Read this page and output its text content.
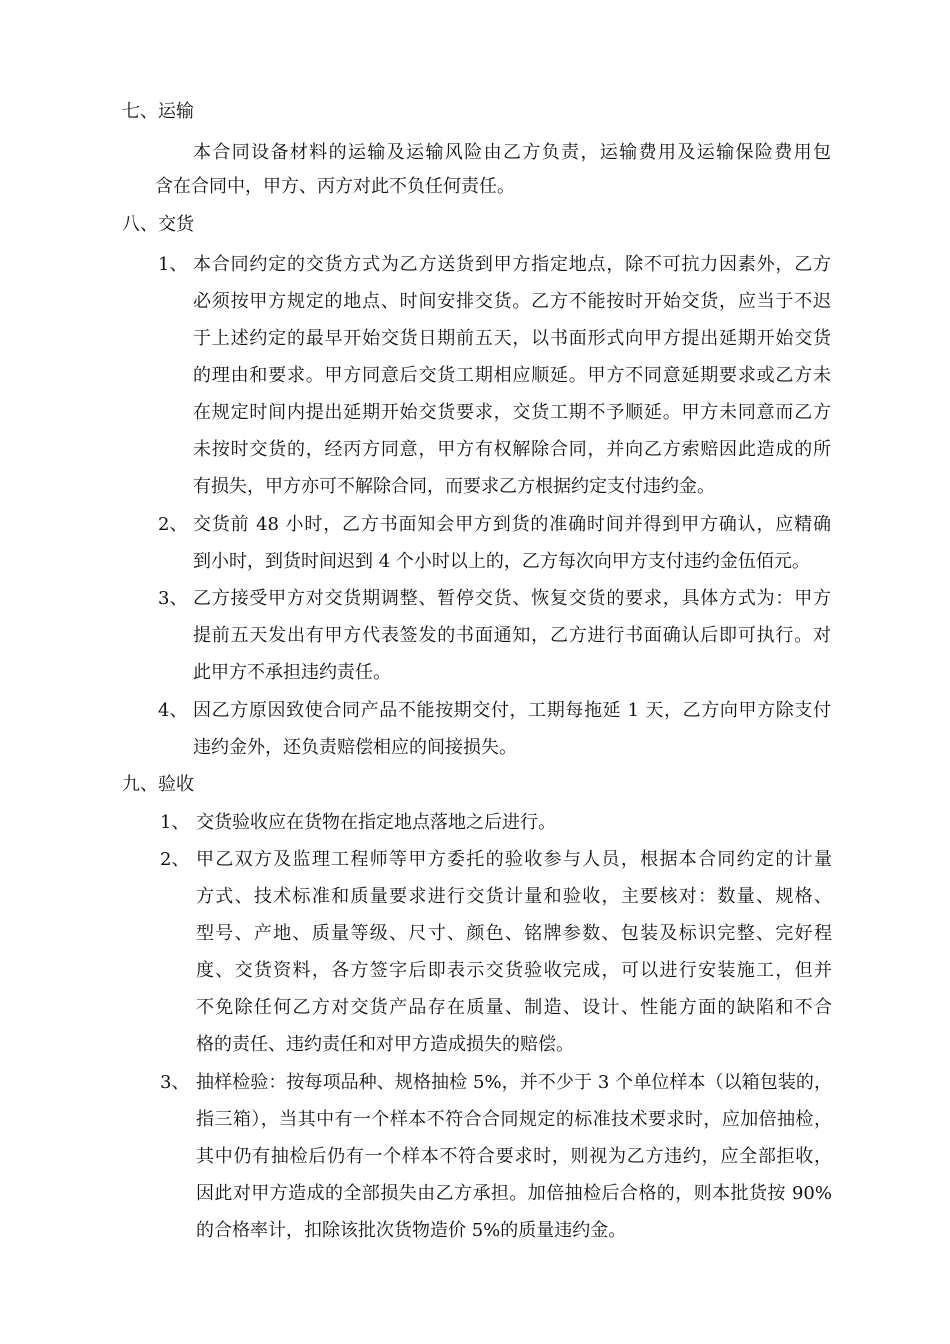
七、运输
本合同设备材料的运输及运输风险由乙方负责，运输费用及运输保险费用包
含在合同中，甲方、丙方对此不负任何责任。
八、交货
1、 本合同约定的交货方式为乙方送货到甲方指定地点，除不可抗力因素外，乙方
必须按甲方规定的地点、时间安排交货。乙方不能按时开始交货，应当于不迟
于上述约定的最早开始交货日期前五天，以书面形式向甲方提出延期开始交货
的理由和要求。甲方同意后交货工期相应顺延。甲方不同意延期要求或乙方未
在规定时间内提出延期开始交货要求，交货工期不予顺延。甲方未同意而乙方
未按时交货的，经丙方同意，甲方有权解除合同，并向乙方索赔因此造成的所
有损失，甲方亦可不解除合同，而要求乙方根据约定支付违约金。
2、 交货前 48 小时，乙方书面知会甲方到货的准确时间并得到甲方确认，应精确
到小时，到货时间迟到 4 个小时以上的，乙方每次向甲方支付违约金伍佰元。
3、 乙方接受甲方对交货期调整、暂停交货、恢复交货的要求，具体方式为：甲方
提前五天发出有甲方代表签发的书面通知，乙方进行书面确认后即可执行。对
此甲方不承担违约责任。
4、 因乙方原因致使合同产品不能按期交付，工期每拖延 1 天，乙方向甲方除支付
违约金外，还负责赔偿相应的间接损失。
九、验收
1、 交货验收应在货物在指定地点落地之后进行。
2、 甲乙双方及监理工程师等甲方委托的验收参与人员，根据本合同约定的计量
方式、技术标准和质量要求进行交货计量和验收，主要核对：数量、规格、
型号、产地、质量等级、尺寸、颜色、铭牌参数、包装及标识完整、完好程
度、交货资料，各方签字后即表示交货验收完成，可以进行安装施工，但并
不免除任何乙方对交货产品存在质量、制造、设计、性能方面的缺陷和不合
格的责任、违约责任和对甲方造成损失的赔偿。
3、 抽样检验：按每项品种、规格抽检 5%，并不少于 3 个单位样本（以箱包装的，
指三箱），当其中有一个样本不符合合同规定的标准技术要求时，应加倍抽检，
其中仍有抽检后仍有一个样本不符合要求时，则视为乙方违约，应全部拒收，
因此对甲方造成的全部损失由乙方承担。加倍抽检后合格的，则本批货按 90%
的合格率计，扣除该批次货物造价 5%的质量违约金。
